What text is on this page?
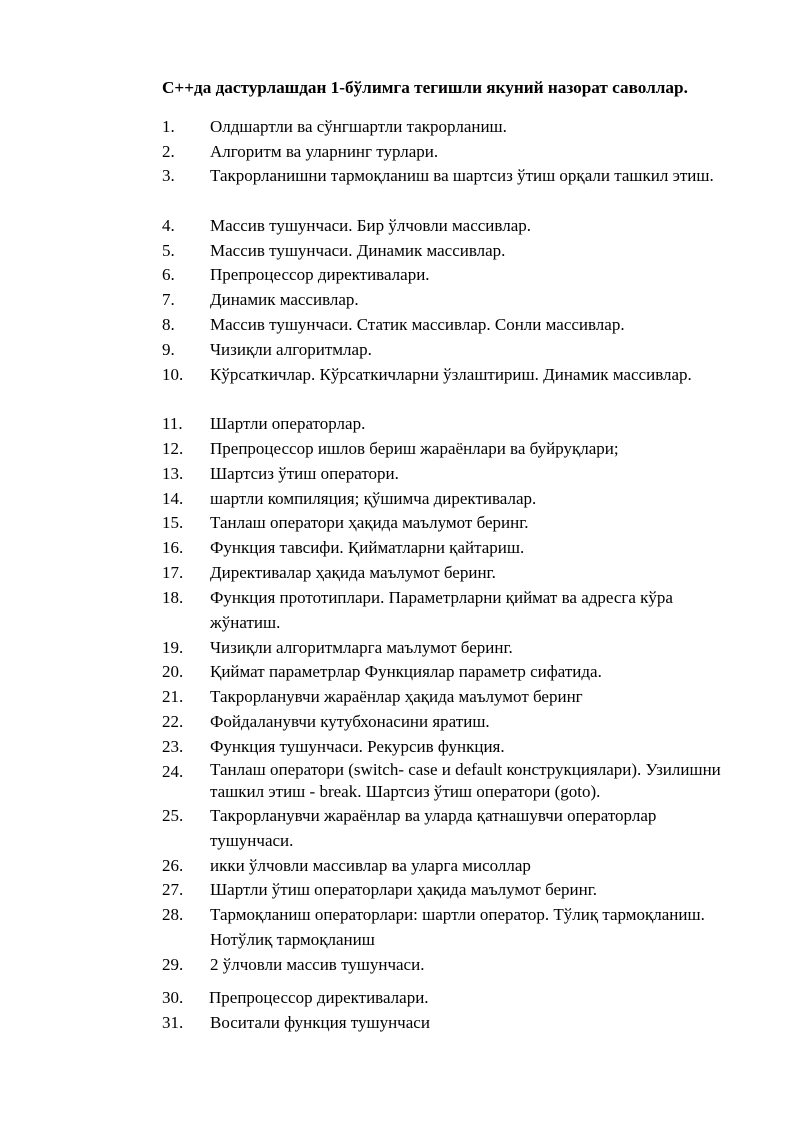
C++да дастурлашдан 1-бўлимга тегишли якуний назорат саволлар.
1.	Олдшартли ва сўнгшартли такрорланиш.
2.	Алгоритм ва уларнинг турлари.
3.	Такрорланишни тармоқланиш ва шартсиз ўтиш орқали ташкил этиш.
4.	Массив тушунчаси. Бир ўлчовли массивлар.
5.	Массив тушунчаси. Динамик массивлар.
6.	Препроцессор директивалари.
7.	Динамик массивлар.
8.	Массив тушунчаси. Статик массивлар. Сонли массивлар.
9.	Чизиқли алгоритмлар.
10.	Кўрсаткичлар. Кўрсаткичларни ўзлаштириш. Динамик массивлар.
11.	Шартли операторлар.
12.	Препроцессор ишлов бериш жараёнлари ва буйруқлари;
13.	Шартсиз ўтиш оператори.
14.	шартли компиляция; қўшимча директивалар.
15.	Танлаш оператори ҳақида маълумот беринг.
16.	Функция тавсифи. Қийматларни қайтариш.
17.	Директивалар ҳақида маълумот беринг.
18.	Функция прототиплари. Параметрларни қиймат ва адресга кўра жўнатиш.
19.	Чизиқли алгоритмларга маълумот беринг.
20.	Қиймат параметрлар Функциялар параметр сифатида.
21.	Такрорланувчи жараёнлар ҳақида маълумот беринг
22.	Фойдаланувчи кутубхонасини яратиш.
23.	Функция тушунчаси. Рекурсив функция.
24.	Танлаш оператори (switch- case и default конструкциялари). Узилишни ташкил этиш - break. Шартсиз ўтиш оператори (goto).
25.	Такрорланувчи жараёнлар ва уларда қатнашувчи операторлар тушунчаси.
26.	икки ўлчовли массивлар ва уларга мисоллар
27.	Шартли ўтиш операторлари ҳақида маълумот беринг.
28.	Тармоқланиш операторлари: шартли оператор. Тўлиқ тармоқланиш. Нотўлиқ тармоқланиш
29.	2 ўлчовли массив тушунчаси.
30.	Препроцессор директивалари.
31.	Воситали функция тушунчаси
